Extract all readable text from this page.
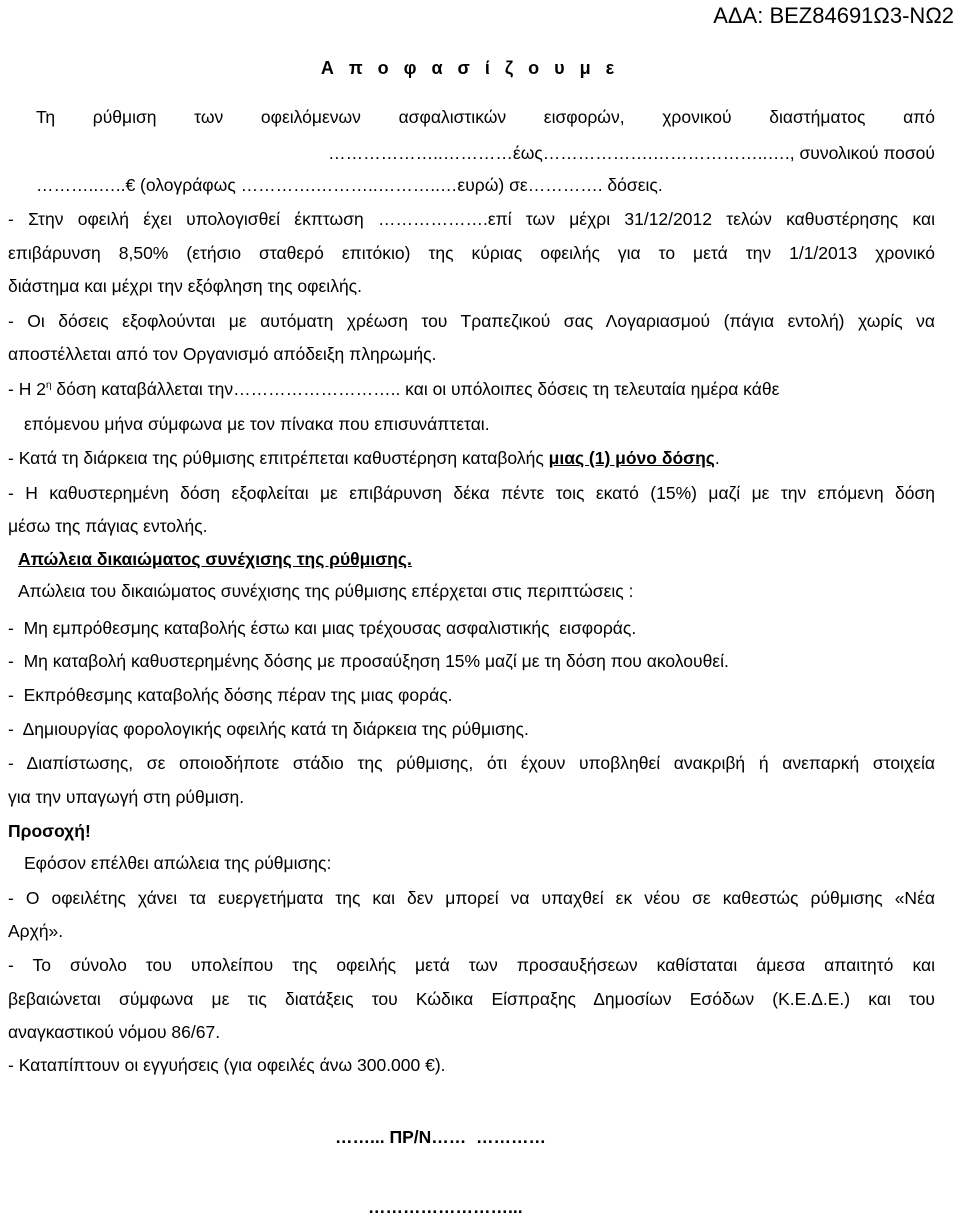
ΑΔΑ: ΒΕΖ84691Ω3-ΝΩ2
Α π ο φ α σ ί ζ ο υ μ ε
Τη ρύθμιση των οφειλόμενων ασφαλιστικών εισφορών, χρονικού διαστήματος από
………………..…………έως……………….………………..…., συνολικού ποσού
………..…..€ (ολογράφως ………….………..………..…ευρώ) σε…………. δόσεις.
- Στην οφειλή έχει υπολογισθεί έκπτωση ……………….επί των μέχρι 31/12/2012 τελών καθυστέρησης και
επιβάρυνση 8,50% (ετήσιο σταθερό επιτόκιο) της κύριας οφειλής για το μετά την 1/1/2013 χρονικό
διάστημα και μέχρι την εξόφληση της οφειλής.
- Οι δόσεις εξοφλούνται με αυτόματη χρέωση του Τραπεζικού σας Λογαριασμού (πάγια εντολή) χωρίς να
αποστέλλεται από τον Οργανισμό απόδειξη πληρωμής.
- Η $2^\eta$ δόση καταβάλλεται την……………………….. και οι υπόλοιπες δόσεις τη τελευταία ημέρα κάθε
επόμενου μήνα σύμφωνα με τον πίνακα που επισυνάπτεται.
- Κατά τη διάρκεια της ρύθμισης επιτρέπεται καθυστέρηση καταβολής μιας (1) μόνο δόσης.
- Η καθυστερημένη δόση εξοφλείται με επιβάρυνση δέκα πέντε τοις εκατό (15%) μαζί με την επόμενη δόση
μέσω της πάγιας εντολής.
Απώλεια δικαιώματος συνέχισης της ρύθμισης.
Απώλεια του δικαιώματος συνέχισης της ρύθμισης επέρχεται στις περιπτώσεις :
-  Μη εμπρόθεσμης καταβολής έστω και μιας τρέχουσας ασφαλιστικής  εισφοράς.
-  Μη καταβολή καθυστερημένης δόσης με προσαύξηση 15% μαζί με τη δόση που ακολουθεί.
-  Εκπρόθεσμης καταβολής δόσης πέραν της μιας φοράς.
-  Δημιουργίας φορολογικής οφειλής κατά τη διάρκεια της ρύθμισης.
- Διαπίστωσης, σε οποιοδήποτε στάδιο της ρύθμισης, ότι έχουν υποβληθεί ανακριβή ή ανεπαρκή στοιχεία
για την υπαγωγή στη ρύθμιση.
Προσοχή!
Εφόσον επέλθει απώλεια της ρύθμισης:
- Ο οφειλέτης χάνει τα ευεργετήματα της και δεν μπορεί να υπαχθεί εκ νέου σε καθεστώς ρύθμισης «Νέα
Αρχή».
- Το σύνολο του υπολείπου της οφειλής μετά των προσαυξήσεων καθίσταται άμεσα απαιτητό και
βεβαιώνεται σύμφωνα με τις διατάξεις του Κώδικα Είσπραξης Δημοσίων Εσόδων (Κ.Ε.Δ.Ε.) και του
αναγκαστικού νόμου 86/67.
- Καταπίπτουν οι εγγυήσεις (για οφειλές άνω 300.000 €).
……... ΠΡ/Ν……  …………
……………………...
